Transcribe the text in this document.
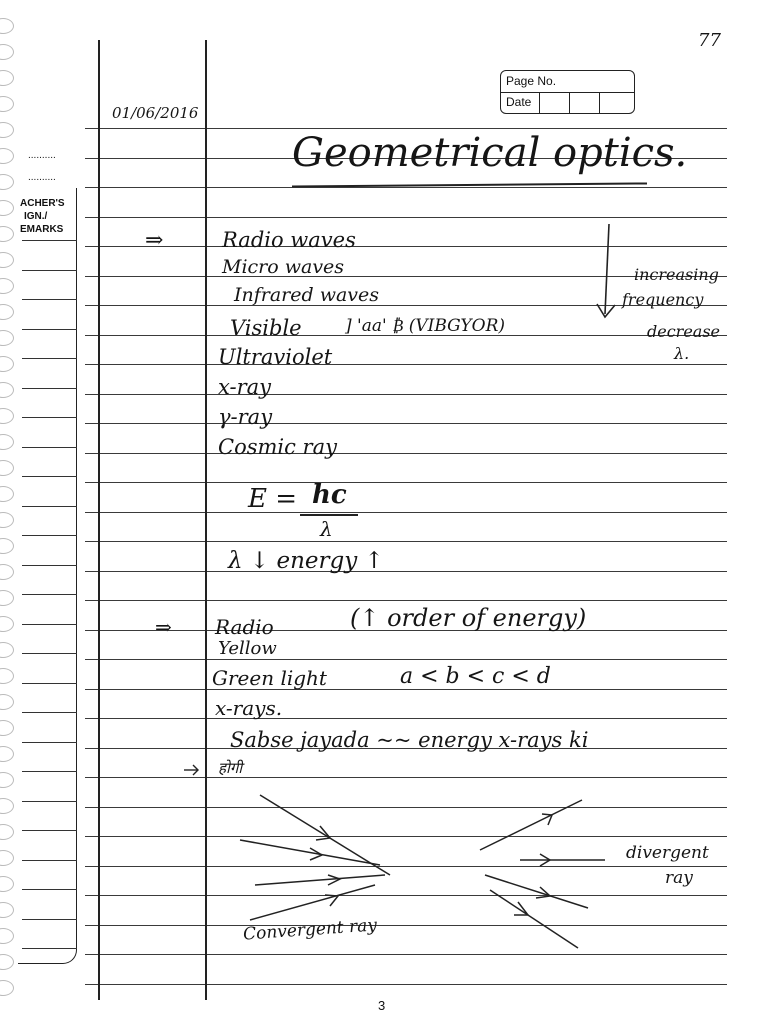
..........
..........
ACHER'S
IGN./
EMARKS
Page No.
Date
01/06/2016
77
Geometrical optics.
⇒	Radio waves
Micro waves
Infrared waves
Visible	] 'aa' ₿ (VIBGYOR)
Ultraviolet
x-ray
γ-ray
Cosmic ray
increasing
frequency
decrease
λ.
E = hc
λ
λ ↓ energy ↑
⇒	(↑ order of energy)
Radio
Yellow
Green light	a < b < c < d
x-rays.
Sabse jayada ~~ energy x-rays ki
होगी
Convergent ray
divergent
ray
3
